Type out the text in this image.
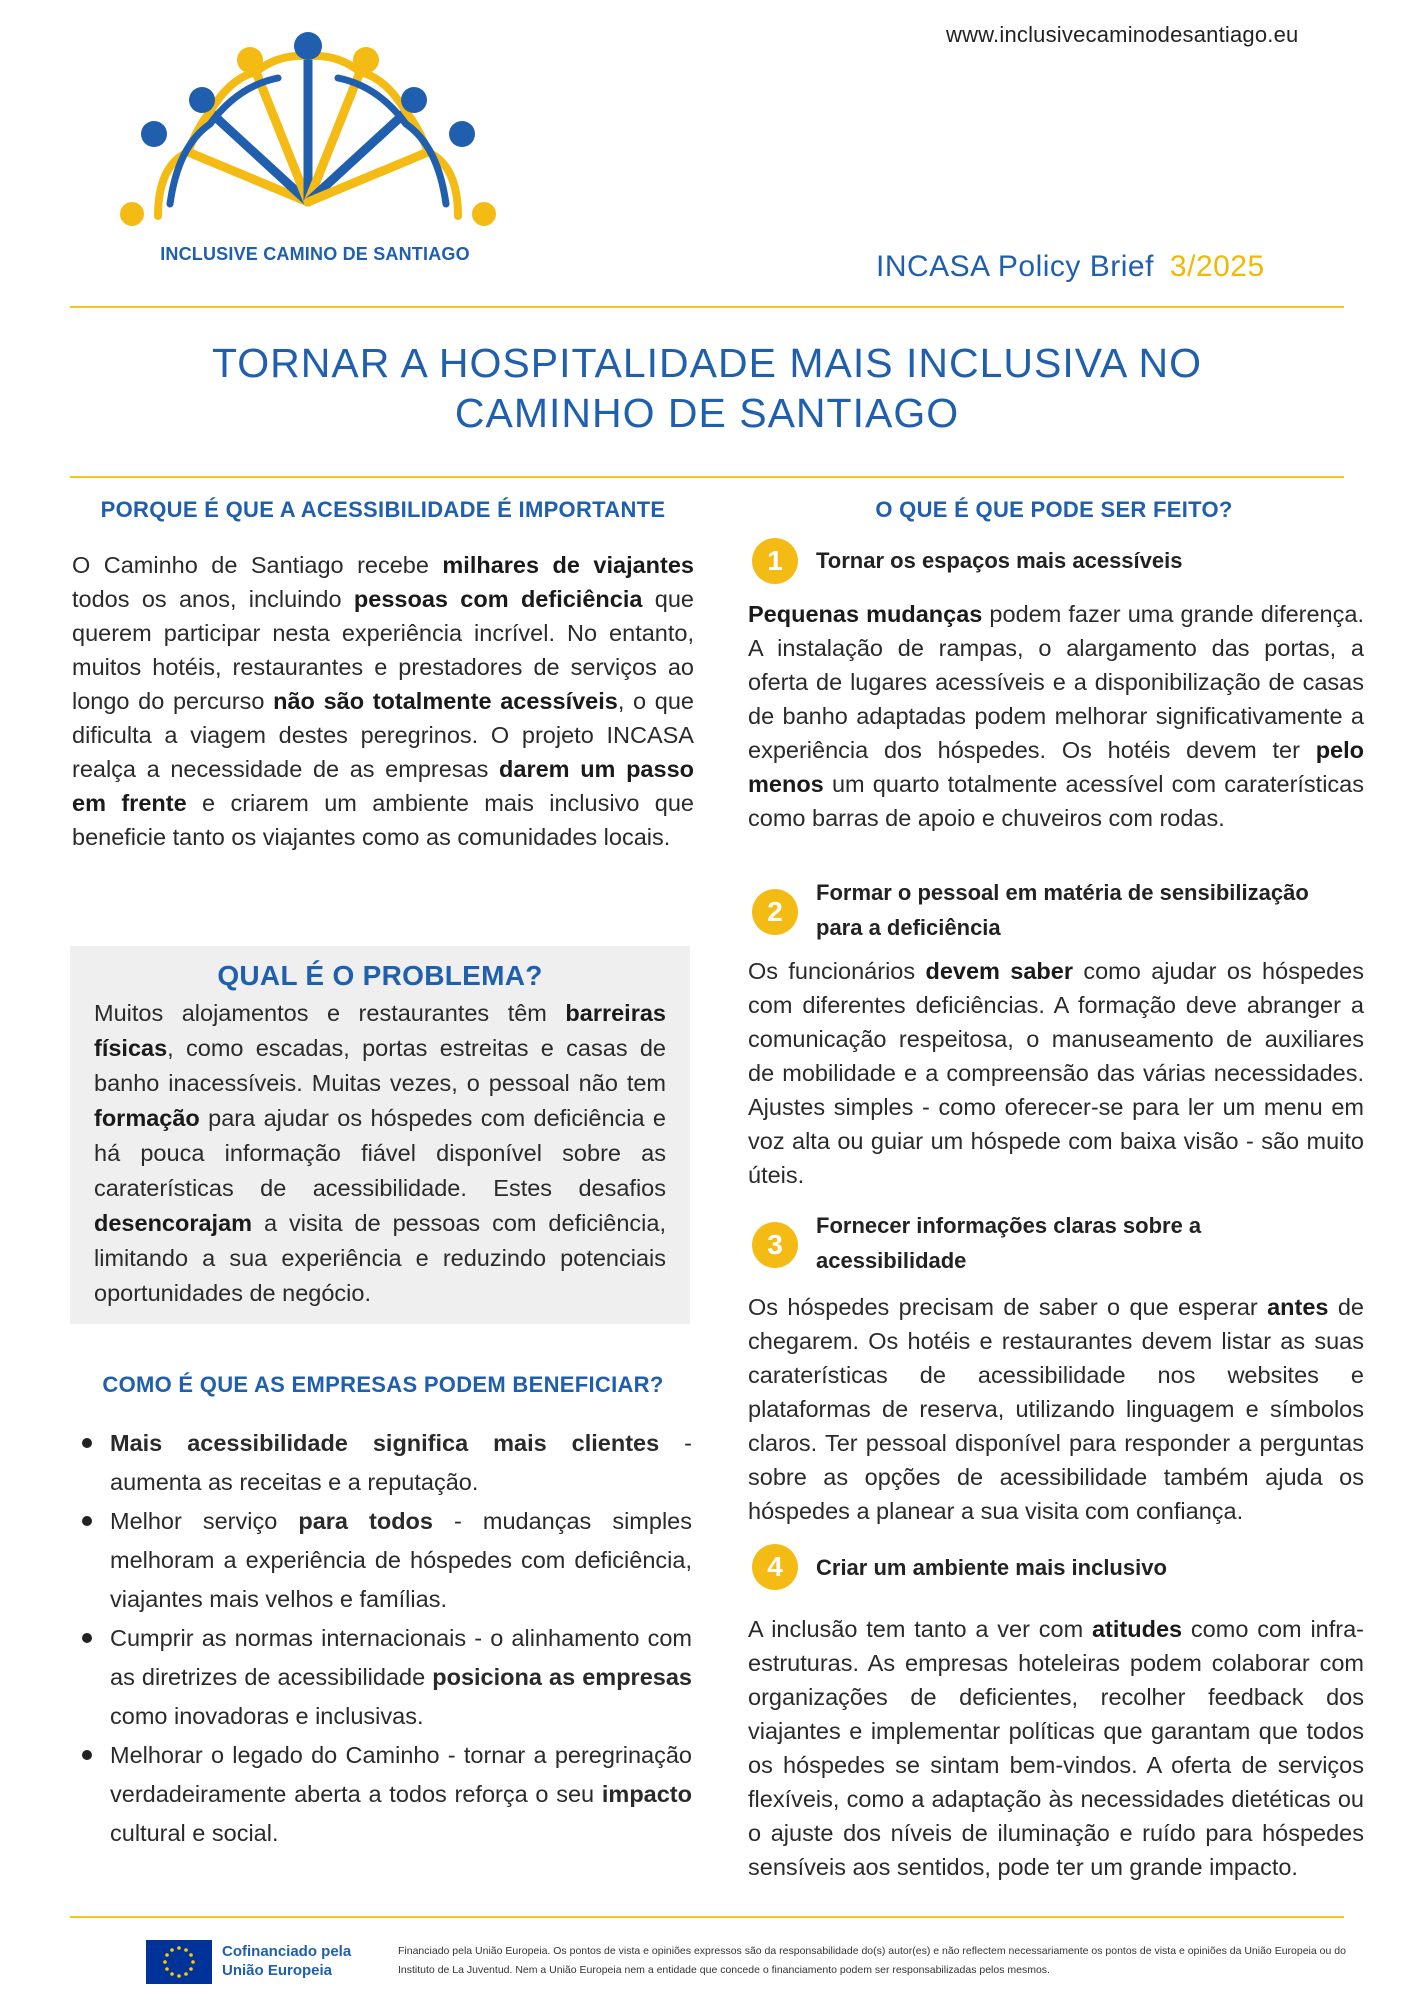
www.inclusivecaminodesantiago.eu
INCLUSIVE CAMINO DE SANTIAGO	INCASA Policy Brief 3/2025
TORNAR A HOSPITALIDADE MAIS INCLUSIVA NO
CAMINHO DE SANTIAGO
PORQUE É QUE A ACESSIBILIDADE É IMPORTANTE
O Caminho de Santiago recebe milhares de viajantes todos os anos, incluindo pessoas com deficiência que querem participar nesta experiência incrível. No entanto, muitos hotéis, restaurantes e prestadores de serviços ao longo do percurso não são totalmente acessíveis, o que dificulta a viagem destes peregrinos. O projeto INCASA realça a necessidade de as empresas darem um passo em frente e criarem um ambiente mais inclusivo que beneficie tanto os viajantes como as comunidades locais.
QUAL É O PROBLEMA?
Muitos alojamentos e restaurantes têm barreiras físicas, como escadas, portas estreitas e casas de banho inacessíveis. Muitas vezes, o pessoal não tem formação para ajudar os hóspedes com deficiência e há pouca informação fiável disponível sobre as caraterísticas de acessibilidade. Estes desafios desencorajam a visita de pessoas com deficiência, limitando a sua experiência e reduzindo potenciais oportunidades de negócio.
COMO É QUE AS EMPRESAS PODEM BENEFICIAR?
Mais acessibilidade significa mais clientes - aumenta as receitas e a reputação.
Melhor serviço para todos - mudanças simples melhoram a experiência de hóspedes com deficiência, viajantes mais velhos e famílias.
Cumprir as normas internacionais - o alinhamento com as diretrizes de acessibilidade posiciona as empresas como inovadoras e inclusivas.
Melhorar o legado do Caminho - tornar a peregrinação verdadeiramente aberta a todos reforça o seu impacto cultural e social.
O QUE É QUE PODE SER FEITO?
1	Tornar os espaços mais acessíveis
Pequenas mudanças podem fazer uma grande diferença. A instalação de rampas, o alargamento das portas, a oferta de lugares acessíveis e a disponibilização de casas de banho adaptadas podem melhorar significativamente a experiência dos hóspedes. Os hotéis devem ter pelo menos um quarto totalmente acessível com caraterísticas como barras de apoio e chuveiros com rodas.
2
Formar o pessoal em matéria de sensibilização
para a deficiência
Os funcionários devem saber como ajudar os hóspedes com diferentes deficiências. A formação deve abranger a comunicação respeitosa, o manuseamento de auxiliares de mobilidade e a compreensão das várias necessidades. Ajustes simples - como oferecer-se para ler um menu em voz alta ou guiar um hóspede com baixa visão - são muito úteis.
3
Fornecer informações claras sobre a
acessibilidade
Os hóspedes precisam de saber o que esperar antes de chegarem. Os hotéis e restaurantes devem listar as suas caraterísticas de acessibilidade nos websites e plataformas de reserva, utilizando linguagem e símbolos claros. Ter pessoal disponível para responder a perguntas sobre as opções de acessibilidade também ajuda os hóspedes a planear a sua visita com confiança.
4	Criar um ambiente mais inclusivo
A inclusão tem tanto a ver com atitudes como com infra-estruturas. As empresas hoteleiras podem colaborar com organizações de deficientes, recolher feedback dos viajantes e implementar políticas que garantam que todos os hóspedes se sintam bem-vindos. A oferta de serviços flexíveis, como a adaptação às necessidades dietéticas ou o ajuste dos níveis de iluminação e ruído para hóspedes sensíveis aos sentidos, pode ter um grande impacto.
Cofinanciado pela
União Europeia
Financiado pela União Europeia. Os pontos de vista e opiniões expressos são da responsabilidade do(s) autor(es) e não reflectem necessariamente os pontos de vista e opiniões da União Europeia ou do Instituto de La Juventud. Nem a União Europeia nem a entidade que concede o financiamento podem ser responsabilizadas pelos mesmos.
